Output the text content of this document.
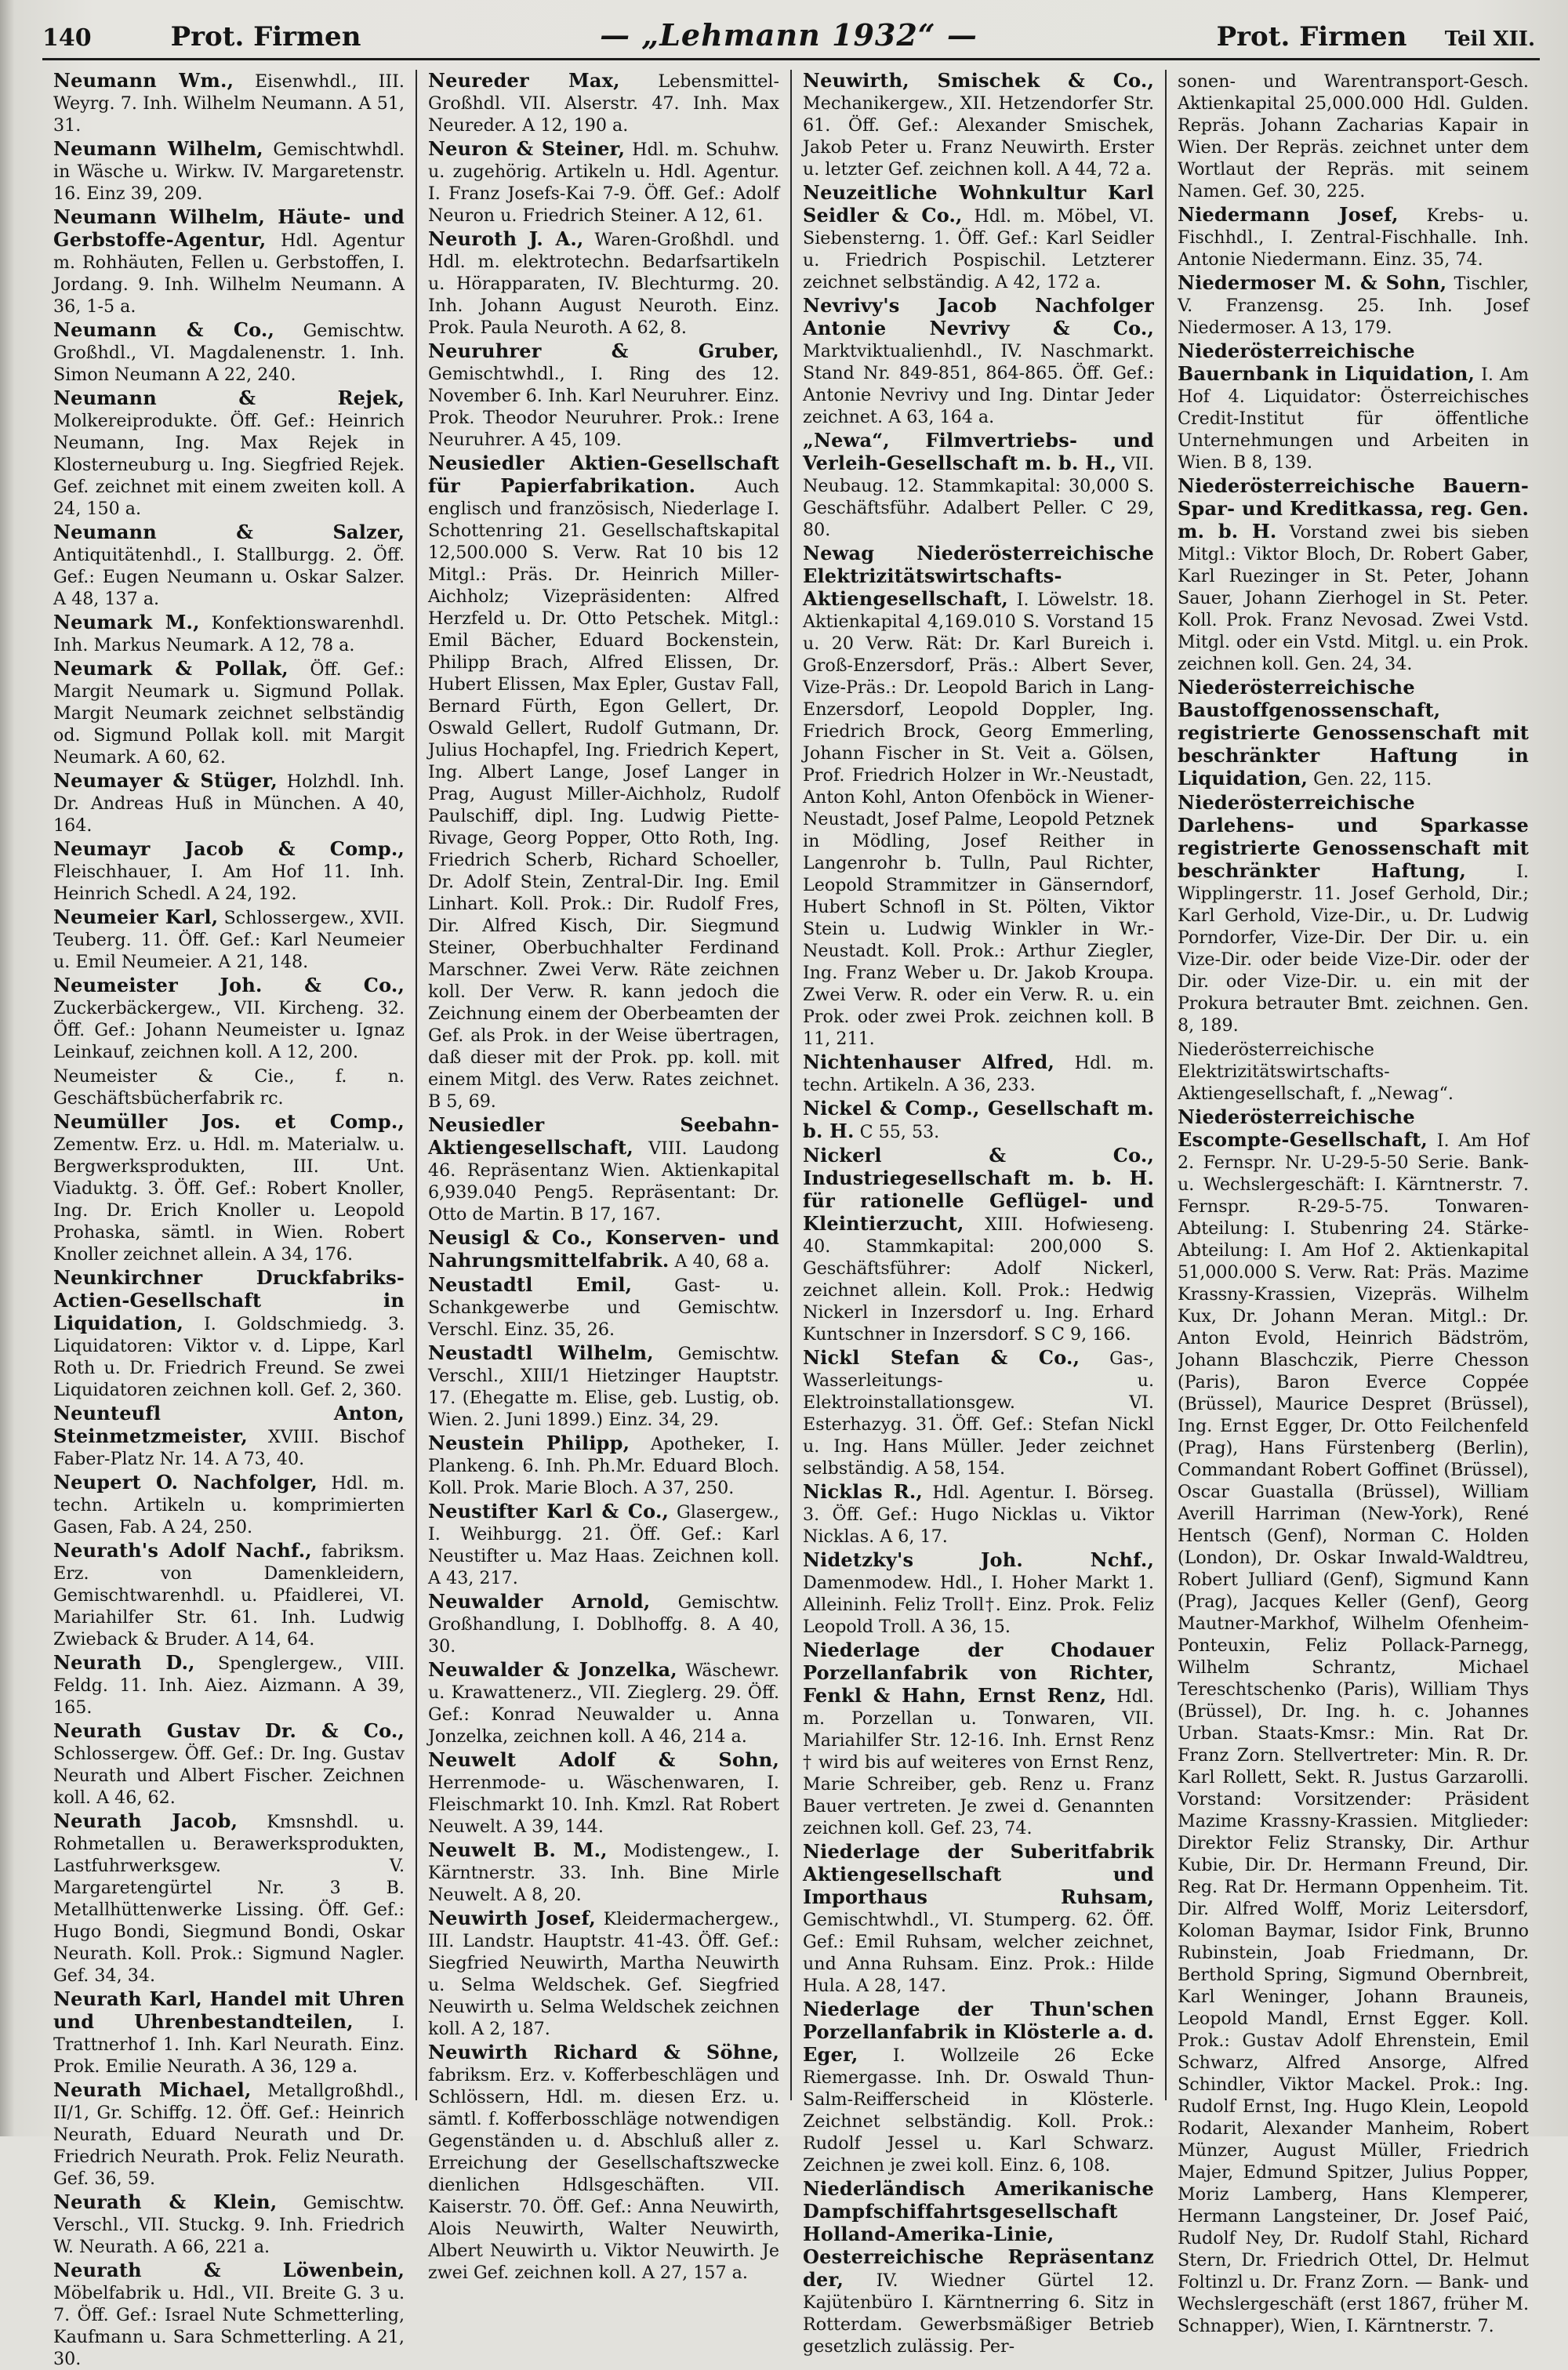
140	Prot. Firmen	— „Lehmann 1932“ —	Prot. Firmen	Teil XII.

Neumann Wm., Eisenwhdl., III. Weyrg. 7. Inh. Wilhelm Neumann. A 51, 31.

Neumann Wilhelm, Gemischtwhdl. in Wäsche u. Wirkw. IV. Margaretenstr. 16. Einz 39, 209.

Neumann Wilhelm, Häute- und Gerbstoffe-Agentur, Hdl. Agentur m. Rohhäuten, Fellen u. Gerbstoffen, I. Jordang. 9. Inh. Wilhelm Neumann. A 36, 1-5 a.

Neumann & Co., Gemischtw. Großhdl., VI. Magdalenenstr. 1. Inh. Simon Neumann A 22, 240.

Neumann & Rejek, Molkereiprodukte. Öff. Gef.: Heinrich Neumann, Ing. Max Rejek in Klosterneuburg u. Ing. Siegfried Rejek. Gef. zeichnet mit einem zweiten koll. A 24, 150 a.

Neumann & Salzer, Antiquitätenhdl., I. Stallburgg. 2. Öff. Gef.: Eugen Neumann u. Oskar Salzer. A 48, 137 a.

Neumark M., Konfektionswarenhdl. Inh. Markus Neumark. A 12, 78 a.

Neumark & Pollak, Öff. Gef.: Margit Neumark u. Sigmund Pollak. Margit Neumark zeichnet selbständig od. Sigmund Pollak koll. mit Margit Neumark. A 60, 62.

Neumayer & Stüger, Holzhdl. Inh. Dr. Andreas Huß in München. A 40, 164.

Neumayr Jacob & Comp., Fleischhauer, I. Am Hof 11. Inh. Heinrich Schedl. A 24, 192.

Neumeier Karl, Schlossergew., XVII. Teuberg. 11. Öff. Gef.: Karl Neumeier u. Emil Neumeier. A 21, 148.

Neumeister Joh. & Co., Zuckerbäckergew., VII. Kircheng. 32. Öff. Gef.: Johann Neumeister u. Ignaz Leinkauf, zeichnen koll. A 12, 200.

Neumeister & Cie., f. n. Geschäftsbücherfabrik rc.

Neumüller Jos. et Comp., Zementw. Erz. u. Hdl. m. Materialw. u. Bergwerksprodukten, III. Unt. Viaduktg. 3. Öff. Gef.: Robert Knoller, Ing. Dr. Erich Knoller u. Leopold Prohaska, sämtl. in Wien. Robert Knoller zeichnet allein. A 34, 176.

Neunkirchner Druckfabriks-Actien-Gesellschaft in Liquidation, I. Goldschmiedg. 3. Liquidatoren: Viktor v. d. Lippe, Karl Roth u. Dr. Friedrich Freund. Se zwei Liquidatoren zeichnen koll. Gef. 2, 360.

Neunteufl Anton, Steinmetzmeister, XVIII. Bischof Faber-Platz Nr. 14. A 73, 40.

Neupert O. Nachfolger, Hdl. m. techn. Artikeln u. komprimierten Gasen, Fab. A 24, 250.

Neurath's Adolf Nachf., fabriksm. Erz. von Damenkleidern, Gemischtwarenhdl. u. Pfaidlerei, VI. Mariahilfer Str. 61. Inh. Ludwig Zwieback & Bruder. A 14, 64.

Neurath D., Spenglergew., VIII. Feldg. 11. Inh. Aiez. Aizmann. A 39, 165.

Neurath Gustav Dr. & Co., Schlossergew. Öff. Gef.: Dr. Ing. Gustav Neurath und Albert Fischer. Zeichnen koll. A 46, 62.

Neurath Jacob, Kmsnshdl. u. Rohmetallen u. Berawerksprodukten, Lastfuhrwerksgew. V. Margaretengürtel Nr. 3 B. Metallhüttenwerke Lissing. Öff. Gef.: Hugo Bondi, Siegmund Bondi, Oskar Neurath. Koll. Prok.: Sigmund Nagler. Gef. 34, 34.

Neurath Karl, Handel mit Uhren und Uhrenbestandteilen, I. Trattnerhof 1. Inh. Karl Neurath. Einz. Prok. Emilie Neurath. A 36, 129 a.

Neurath Michael, Metallgroßhdl., II/1, Gr. Schiffg. 12. Öff. Gef.: Heinrich Neurath, Eduard Neurath und Dr. Friedrich Neurath. Prok. Feliz Neurath. Gef. 36, 59.

Neurath & Klein, Gemischtw. Verschl., VII. Stuckg. 9. Inh. Friedrich W. Neurath. A 66, 221 a.

Neurath & Löwenbein, Möbelfabrik u. Hdl., VII. Breite G. 3 u. 7. Öff. Gef.: Israel Nute Schmetterling, Kaufmann u. Sara Schmetterling. A 21, 30.

Neureder Max, Lebensmittel-Großhdl. VII. Alserstr. 47. Inh. Max Neureder. A 12, 190 a.

Neuron & Steiner, Hdl. m. Schuhw. u. zugehörig. Artikeln u. Hdl. Agentur. I. Franz Josefs-Kai 7-9. Öff. Gef.: Adolf Neuron u. Friedrich Steiner. A 12, 61.

Neuroth J. A., Waren-Großhdl. und Hdl. m. elektrotechn. Bedarfsartikeln u. Hörapparaten, IV. Blechturmg. 20. Inh. Johann August Neuroth. Einz. Prok. Paula Neuroth. A 62, 8.

Neuruhrer & Gruber, Gemischtwhdl., I. Ring des 12. November 6. Inh. Karl Neuruhrer. Einz. Prok. Theodor Neuruhrer. Prok.: Irene Neuruhrer. A 45, 109.

Neusiedler Aktien-Gesellschaft für Papierfabrikation. Auch englisch und französisch, Niederlage I. Schottenring 21. Gesellschaftskapital 12,500.000 S. Verw. Rat 10 bis 12 Mitgl.: Präs. Dr. Heinrich Miller-Aichholz; Vizepräsidenten: Alfred Herzfeld u. Dr. Otto Petschek. Mitgl.: Emil Bächer, Eduard Bockenstein, Philipp Brach, Alfred Elissen, Dr. Hubert Elissen, Max Epler, Gustav Fall, Bernard Fürth, Egon Gellert, Dr. Oswald Gellert, Rudolf Gutmann, Dr. Julius Hochapfel, Ing. Friedrich Kepert, Ing. Albert Lange, Josef Langer in Prag, August Miller-Aichholz, Rudolf Paulschiff, dipl. Ing. Ludwig Piette-Rivage, Georg Popper, Otto Roth, Ing. Friedrich Scherb, Richard Schoeller, Dr. Adolf Stein, Zentral-Dir. Ing. Emil Linhart. Koll. Prok.: Dir. Rudolf Fres, Dir. Alfred Kisch, Dir. Siegmund Steiner, Oberbuchhalter Ferdinand Marschner. Zwei Verw. Räte zeichnen koll. Der Verw. R. kann jedoch die Zeichnung einem der Oberbeamten der Gef. als Prok. in der Weise übertragen, daß dieser mit der Prok. pp. koll. mit einem Mitgl. des Verw. Rates zeichnet. B 5, 69.

Neusiedler Seebahn-Aktiengesellschaft, VIII. Laudong 46. Repräsentanz Wien. Aktienkapital 6,939.040 Peng5. Repräsentant: Dr. Otto de Martin. B 17, 167.

Neusigl & Co., Konserven- und Nahrungsmittelfabrik. A 40, 68 a.

Neustadtl Emil, Gast- u. Schankgewerbe und Gemischtw. Verschl. Einz. 35, 26.

Neustadtl Wilhelm, Gemischtw. Verschl., XIII/1 Hietzinger Hauptstr. 17. (Ehegatte m. Elise, geb. Lustig, ob. Wien. 2. Juni 1899.) Einz. 34, 29.

Neustein Philipp, Apotheker, I. Plankeng. 6. Inh. Ph.Mr. Eduard Bloch. Koll. Prok. Marie Bloch. A 37, 250.

Neustifter Karl & Co., Glasergew., I. Weihburgg. 21. Öff. Gef.: Karl Neustifter u. Maz Haas. Zeichnen koll. A 43, 217.

Neuwalder Arnold, Gemischtw. Großhandlung, I. Doblhoffg. 8. A 40, 30.

Neuwalder & Jonzelka, Wäschewr. u. Krawattenerz., VII. Zieglerg. 29. Öff. Gef.: Konrad Neuwalder u. Anna Jonzelka, zeichnen koll. A 46, 214 a.

Neuwelt Adolf & Sohn, Herrenmode- u. Wäschenwaren, I. Fleischmarkt 10. Inh. Kmzl. Rat Robert Neuwelt. A 39, 144.

Neuwelt B. M., Modistengew., I. Kärntnerstr. 33. Inh. Bine Mirle Neuwelt. A 8, 20.

Neuwirth Josef, Kleidermachergew., III. Landstr. Hauptstr. 41-43. Öff. Gef.: Siegfried Neuwirth, Martha Neuwirth u. Selma Weldschek. Gef. Siegfried Neuwirth u. Selma Weldschek zeichnen koll. A 2, 187.

Neuwirth Richard & Söhne, fabriksm. Erz. v. Kofferbeschlägen und Schlössern, Hdl. m. diesen Erz. u. sämtl. f. Kofferbosschläge notwendigen Gegenständen u. d. Abschluß aller z. Erreichung der Gesellschaftszwecke dienlichen Hdlsgeschäften. VII. Kaiserstr. 70. Öff. Gef.: Anna Neuwirth, Alois Neuwirth, Walter Neuwirth, Albert Neuwirth u. Viktor Neuwirth. Je zwei Gef. zeichnen koll. A 27, 157 a.

Neuwirth, Smischek & Co., Mechanikergew., XII. Hetzendorfer Str. 61. Öff. Gef.: Alexander Smischek, Jakob Peter u. Franz Neuwirth. Erster u. letzter Gef. zeichnen koll. A 44, 72 a.

Neuzeitliche Wohnkultur Karl Seidler & Co., Hdl. m. Möbel, VI. Siebensterng. 1. Öff. Gef.: Karl Seidler u. Friedrich Pospischil. Letzterer zeichnet selbständig. A 42, 172 a.

Nevrivy's Jacob Nachfolger Antonie Nevrivy & Co., Marktviktualienhdl., IV. Naschmarkt. Stand Nr. 849-851, 864-865. Öff. Gef.: Antonie Nevrivy und Ing. Dintar Jeder zeichnet. A 63, 164 a.

„Newa“, Filmvertriebs- und Verleih-Gesellschaft m. b. H., VII. Neubaug. 12. Stammkapital: 30,000 S. Geschäftsführ. Adalbert Peller. C 29, 80.

Newag Niederösterreichische Elektrizitätswirtschafts-Aktiengesellschaft, I. Löwelstr. 18. Aktienkapital 4,169.010 S. Vorstand 15 u. 20 Verw. Rät: Dr. Karl Bureich i. Groß-Enzersdorf, Präs.: Albert Sever, Vize-Präs.: Dr. Leopold Barich in Lang-Enzersdorf, Leopold Doppler, Ing. Friedrich Brock, Georg Emmerling, Johann Fischer in St. Veit a. Gölsen, Prof. Friedrich Holzer in Wr.-Neustadt, Anton Kohl, Anton Ofenböck in Wiener-Neustadt, Josef Palme, Leopold Petznek in Mödling, Josef Reither in Langenrohr b. Tulln, Paul Richter, Leopold Strammitzer in Gänserndorf, Hubert Schnofl in St. Pölten, Viktor Stein u. Ludwig Winkler in Wr.-Neustadt. Koll. Prok.: Arthur Ziegler, Ing. Franz Weber u. Dr. Jakob Kroupa. Zwei Verw. R. oder ein Verw. R. u. ein Prok. oder zwei Prok. zeichnen koll. B 11, 211.

Nichtenhauser Alfred, Hdl. m. techn. Artikeln. A 36, 233.

Nickel & Comp., Gesellschaft m. b. H. C 55, 53.

Nickerl & Co., Industriegesellschaft m. b. H. für rationelle Geflügel- und Kleintierzucht, XIII. Hofwieseng. 40. Stammkapital: 200,000 S. Geschäftsführer: Adolf Nickerl, zeichnet allein. Koll. Prok.: Hedwig Nickerl in Inzersdorf u. Ing. Erhard Kuntschner in Inzersdorf. S C 9, 166.

Nickl Stefan & Co., Gas-, Wasserleitungs- u. Elektroinstallationsgew. VI. Esterhazyg. 31. Öff. Gef.: Stefan Nickl u. Ing. Hans Müller. Jeder zeichnet selbständig. A 58, 154.

Nicklas R., Hdl. Agentur. I. Börseg. 3. Öff. Gef.: Hugo Nicklas u. Viktor Nicklas. A 6, 17.

Nidetzky's Joh. Nchf., Damenmodew. Hdl., I. Hoher Markt 1. Alleininh. Feliz Troll†. Einz. Prok. Feliz Leopold Troll. A 36, 15.

Niederlage der Chodauer Porzellanfabrik von Richter, Fenkl & Hahn, Ernst Renz, Hdl. m. Porzellan u. Tonwaren, VII. Mariahilfer Str. 12-16. Inh. Ernst Renz † wird bis auf weiteres von Ernst Renz, Marie Schreiber, geb. Renz u. Franz Bauer vertreten. Je zwei d. Genannten zeichnen koll. Gef. 23, 74.

Niederlage der Suberitfabrik Aktiengesellschaft und Importhaus Ruhsam, Gemischtwhdl., VI. Stumperg. 62. Öff. Gef.: Emil Ruhsam, welcher zeichnet, und Anna Ruhsam. Einz. Prok.: Hilde Hula. A 28, 147.

Niederlage der Thun'schen Porzellanfabrik in Klösterle a. d. Eger, I. Wollzeile 26 Ecke Riemergasse. Inh. Dr. Oswald Thun-Salm-Reifferscheid in Klösterle. Zeichnet selbständig. Koll. Prok.: Rudolf Jessel u. Karl Schwarz. Zeichnen je zwei koll. Einz. 6, 108.

Niederländisch Amerikanische Dampfschiffahrtsgesellschaft Holland-Amerika-Linie, Oesterreichische Repräsentanz der, IV. Wiedner Gürtel 12. Kajütenbüro I. Kärntnerring 6. Sitz in Rotterdam. Gewerbsmäßiger Betrieb gesetzlich zulässig. Per-

sonen- und Warentransport-Gesch. Aktienkapital 25,000.000 Hdl. Gulden. Repräs. Johann Zacharias Kapair in Wien. Der Repräs. zeichnet unter dem Wortlaut der Repräs. mit seinem Namen. Gef. 30, 225.

Niedermann Josef, Krebs- u. Fischhdl., I. Zentral-Fischhalle. Inh. Antonie Niedermann. Einz. 35, 74.

Niedermoser M. & Sohn, Tischler, V. Franzensg. 25. Inh. Josef Niedermoser. A 13, 179.

Niederösterreichische Bauernbank in Liquidation, I. Am Hof 4. Liquidator: Österreichisches Credit-Institut für öffentliche Unternehmungen und Arbeiten in Wien. B 8, 139.

Niederösterreichische Bauern-Spar- und Kreditkassa, reg. Gen. m. b. H. Vorstand zwei bis sieben Mitgl.: Viktor Bloch, Dr. Robert Gaber, Karl Ruezinger in St. Peter, Johann Sauer, Johann Zierhogel in St. Peter. Koll. Prok. Franz Nevosad. Zwei Vstd. Mitgl. oder ein Vstd. Mitgl. u. ein Prok. zeichnen koll. Gen. 24, 34.

Niederösterreichische Baustoffgenossenschaft, registrierte Genossenschaft mit beschränkter Haftung in Liquidation, Gen. 22, 115.

Niederösterreichische Darlehens- und Sparkasse registrierte Genossenschaft mit beschränkter Haftung, I. Wipplingerstr. 11. Josef Gerhold, Dir.; Karl Gerhold, Vize-Dir., u. Dr. Ludwig Porndorfer, Vize-Dir. Der Dir. u. ein Vize-Dir. oder beide Vize-Dir. oder der Dir. oder Vize-Dir. u. ein mit der Prokura betrauter Bmt. zeichnen. Gen. 8, 189.

Niederösterreichische Elektrizitätswirtschafts-Aktiengesellschaft, f. „Newag“.

Niederösterreichische Escompte-Gesellschaft, I. Am Hof 2. Fernspr. Nr. U-29-5-50 Serie. Bank- u. Wechslergeschäft: I. Kärntnerstr. 7. Fernspr. R-29-5-75. Tonwaren-Abteilung: I. Stubenring 24. Stärke-Abteilung: I. Am Hof 2. Aktienkapital 51,000.000 S. Verw. Rat: Präs. Mazime Krassny-Krassien, Vizepräs. Wilhelm Kux, Dr. Johann Meran. Mitgl.: Dr. Anton Evold, Heinrich Bädström, Johann Blaschczik, Pierre Chesson (Paris), Baron Everce Coppée (Brüssel), Maurice Despret (Brüssel), Ing. Ernst Egger, Dr. Otto Feilchenfeld (Prag), Hans Fürstenberg (Berlin), Commandant Robert Goffinet (Brüssel), Oscar Guastalla (Brüssel), William Averill Harriman (New-York), René Hentsch (Genf), Norman C. Holden (London), Dr. Oskar Inwald-Waldtreu, Robert Julliard (Genf), Sigmund Kann (Prag), Jacques Keller (Genf), Georg Mautner-Markhof, Wilhelm Ofenheim-Ponteuxin, Feliz Pollack-Parnegg, Wilhelm Schrantz, Michael Tereschtschenko (Paris), William Thys (Brüssel), Dr. Ing. h. c. Johannes Urban. Staats-Kmsr.: Min. Rat Dr. Franz Zorn. Stellvertreter: Min. R. Dr. Karl Rollett, Sekt. R. Justus Garzarolli. Vorstand: Vorsitzender: Präsident Mazime Krassny-Krassien. Mitglieder: Direktor Feliz Stransky, Dir. Arthur Kubie, Dir. Dr. Hermann Freund, Dir. Reg. Rat Dr. Hermann Oppenheim. Tit. Dir. Alfred Wolff, Moriz Leitersdorf, Koloman Baymar, Isidor Fink, Brunno Rubinstein, Joab Friedmann, Dr. Berthold Spring, Sigmund Obernbreit, Karl Weninger, Johann Brauneis, Leopold Mandl, Ernst Egger. Koll. Prok.: Gustav Adolf Ehrenstein, Emil Schwarz, Alfred Ansorge, Alfred Schindler, Viktor Mackel. Prok.: Ing. Rudolf Ernst, Ing. Hugo Klein, Leopold Rodarit, Alexander Manheim, Robert Münzer, August Müller, Friedrich Majer, Edmund Spitzer, Julius Popper, Moriz Lamberg, Hans Klemperer, Hermann Langsteiner, Dr. Josef Paić, Rudolf Ney, Dr. Rudolf Stahl, Richard Stern, Dr. Friedrich Ottel, Dr. Helmut Foltinzl u. Dr. Franz Zorn. — Bank- und Wechslergeschäft (erst 1867, früher M. Schnapper), Wien, I. Kärntnerstr. 7.
